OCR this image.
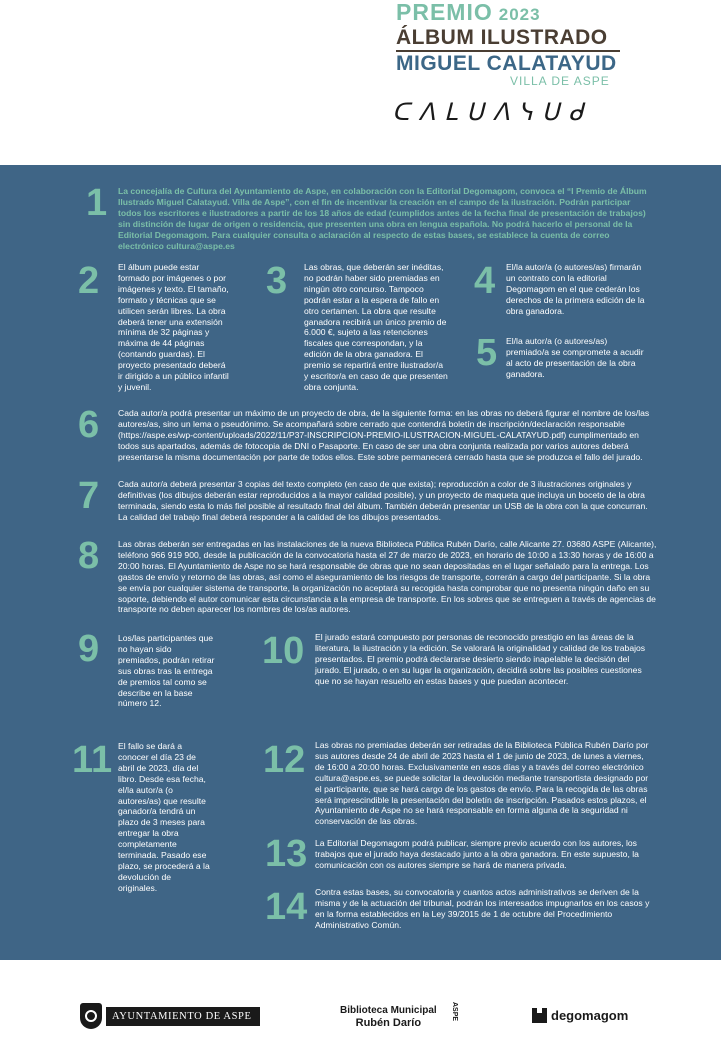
PREMIO 2023
ÁLBUM ILUSTRADO
MIGUEL CALATAYUD
VILLA DE ASPE
ᑕᐱᒪᑌᐱᓭᑌᑯ
1 La concejalía de Cultura del Ayuntamiento de Aspe, en colaboración con la Editorial Degomagom, convoca el “I Premio de Álbum Ilustrado Miguel Calatayud. Villa de Aspe”, con el fin de incentivar la creación en el campo de la ilustración. Podrán participar todos los escritores e ilustradores a partir de los 18 años de edad (cumplidos antes de la fecha final de presentación de trabajos) sin distinción de lugar de origen o residencia, que presenten una obra en lengua española. No podrá hacerlo el personal de la Editorial Degomagom. Para cualquier consulta o aclaración al respecto de estas bases, se establece la cuenta de correo electrónico cultura@aspe.es
2 El álbum puede estar formado por imágenes o por imágenes y texto. El tamaño, formato y técnicas que se utilicen serán libres. La obra deberá tener una extensión mínima de 32 páginas y máxima de 44 páginas (contando guardas). El proyecto presentado deberá ir dirigido a un público infantil y juvenil.
3 Las obras, que deberán ser inéditas, no podrán haber sido premiadas en ningún otro concurso. Tampoco podrán estar a la espera de fallo en otro certamen. La obra que resulte ganadora recibirá un único premio de 6.000 €, sujeto a las retenciones fiscales que correspondan, y la edición de la obra ganadora. El premio se repartirá entre ilustrador/a y escritor/a en caso de que presenten obra conjunta.
4 El/la autor/a (o autores/as) firmarán un contrato con la editorial Degomagom en el que cederán los derechos de la primera edición de la obra ganadora.
5 El/la autor/a (o autores/as) premiado/a se compromete a acudir al acto de presentación de la obra ganadora.
6 Cada autor/a podrá presentar un máximo de un proyecto de obra, de la siguiente forma: en las obras no deberá figurar el nombre de los/las autores/as, sino un lema o pseudónimo. Se acompañará sobre cerrado que contendrá boletín de inscripción/declaración responsable (https://aspe.es/wp-content/uploads/2022/11/P37-INSCRIPCION-PREMIO-ILUSTRACION-MIGUEL-CALATAYUD.pdf) cumplimentado en todos sus apartados, además de fotocopia de DNI o Pasaporte. En caso de ser una obra conjunta realizada por varios autores deberá presentarse la misma documentación por parte de todos ellos. Este sobre permanecerá cerrado hasta que se produzca el fallo del jurado.
7 Cada autor/a deberá presentar 3 copias del texto completo (en caso de que exista); reproducción a color de 3 ilustraciones originales y definitivas (los dibujos deberán estar reproducidos a la mayor calidad posible), y un proyecto de maqueta que incluya un boceto de la obra terminada, siendo esta lo más fiel posible al resultado final del álbum. También deberán presentar un USB de la obra con la que concurran. La calidad del trabajo final deberá responder a la calidad de los dibujos presentados.
8 Las obras deberán ser entregadas en las instalaciones de la nueva Biblioteca Pública Rubén Darío, calle Alicante 27. 03680 ASPE (Alicante), teléfono 966 919 900, desde la publicación de la convocatoria hasta el 27 de marzo de 2023, en horario de 10:00 a 13:30 horas y de 16:00 a 20:00 horas. El Ayuntamiento de Aspe no se hará responsable de obras que no sean depositadas en el lugar señalado para la entrega. Los gastos de envío y retorno de las obras, así como el aseguramiento de los riesgos de transporte, correrán a cargo del participante. Si la obra se envía por cualquier sistema de transporte, la organización no aceptará su recogida hasta comprobar que no presenta ningún daño en su soporte, debiendo el autor comunicar esta circunstancia a la empresa de transporte. En los sobres que se entreguen a través de agencias de transporte no deben aparecer los nombres de los/as autores.
9 Los/las participantes que no hayan sido premiados, podrán retirar sus obras tras la entrega de premios tal como se describe en la base número 12.
10 El jurado estará compuesto por personas de reconocido prestigio en las áreas de la literatura, la ilustración y la edición. Se valorará la originalidad y calidad de los trabajos presentados. El premio podrá declararse desierto siendo inapelable la decisión del jurado. El jurado, o en su lugar la organización, decidirá sobre las posibles cuestiones que no se hayan resuelto en estas bases y que puedan acontecer.
11 El fallo se dará a conocer el día 23 de abril de 2023, día del libro. Desde esa fecha, el/la autor/a (o autores/as) que resulte ganador/a tendrá un plazo de 3 meses para entregar la obra completamente terminada. Pasado ese plazo, se procederá a la devolución de originales.
12 Las obras no premiadas deberán ser retiradas de la Biblioteca Pública Rubén Darío por sus autores desde 24 de abril de 2023 hasta el 1 de junio de 2023, de lunes a viernes, de 16:00 a 20:00 horas. Exclusivamente en esos días y a través del correo electrónico cultura@aspe.es, se puede solicitar la devolución mediante transportista designado por el participante, que se hará cargo de los gastos de envío. Para la recogida de las obras será imprescindible la presentación del boletín de inscripción. Pasados estos plazos, el Ayuntamiento de Aspe no se hará responsable en forma alguna de la seguridad ni conservación de las obras.
13 La Editorial Degomagom podrá publicar, siempre previo acuerdo con los autores, los trabajos que el jurado haya destacado junto a la obra ganadora. En este supuesto, la comunicación con os autores siempre se hará de manera privada.
14 Contra estas bases, su convocatoria y cuantos actos administrativos se deriven de la misma y de la actuación del tribunal, podrán los interesados impugnarlos en los casos y en la forma establecidos en la Ley 39/2015 de 1 de octubre del Procedimiento Administrativo Común.
AYUNTAMIENTO DE ASPE	Biblioteca Municipal
Rubén Darío
ASPE	degomagom
